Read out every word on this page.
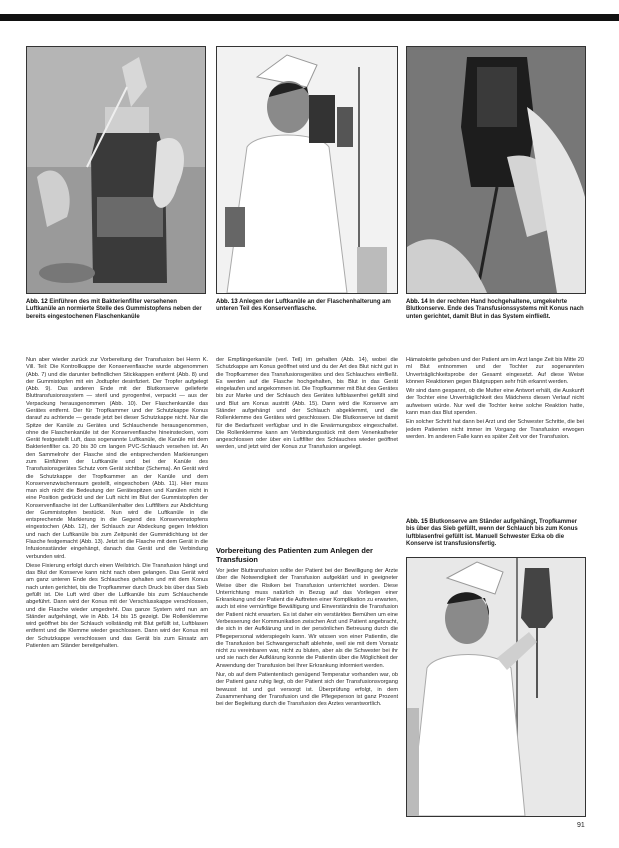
Abb. 12 Einführen des mit Bakterienfilter versehenen Luftkanüle an normierte Stelle des Gummistopfens neben der bereits eingestochenen Flaschenkanüle
Abb. 13 Anlegen der Luftkanüle an der Flaschenhalterung am unteren Teil des Konservenflasche.
Abb. 14 In der rechten Hand hochgehaltene, umgekehrte Blutkonserve. Ende des Transfusionssystems mit Konus nach unten gerichtet, damit Blut in das System einfließt.

Nun aber wieder zurück zur Vorbereitung der Transfusion bei Herrn K. Vill. Teil: Die Kontrollkappe der Konservenflasche wurde abgenommen (Abb. 7) und die darunter befindlichen Stickkappen entfernt (Abb. 8) und der Gummistopfen mit ein Jodtupfer desinfiziert. Der Tropfer aufgelegt (Abb. 9). Das anderen Ende mit der Blutkonserve gelieferte Bluttransfusionssystem — steril und pyrogenfrei, verpackt — aus der Verpackung herausgenommen (Abb. 10). Der Flaschenkanüle das Gerätes entfernt. Der für Tropfkammer und der Schutzkappe Konus darauf zu achtende — gerade jetzt bei dieser Schutzkappe nicht. Nur die Spitze der Kanüle zu Gerätes und Schlauchende herausgenommen, ohne die Flaschenkanüle ist der Konservenflasche hineinstecken, vom Gerät festgestellt Luft, dass sogenannte Luftkanüle, die Kanüle mit dem Bakterienfilter ca. 20 bis 30 cm langen PVC-Schlauch versehen ist. An den Sammelrohr der Flasche sind die entsprechenden Markierungen zum Einführen der Luftkanüle und bei der Kanüle des Transfusionsgerätes Schutz vom Gerät sichtbar (Schema). An Gerät wird die Schutzkappe der Tropfkammer an der Kanüle und dem Konservenzwischenraum gestellt, eingeschoben (Abb. 11). Hier muss man sich nicht die Bedeutung der Gerätespitzen und Kanülen nicht in eine Position gedrückt und der Luft nicht im Blut der Gummistopfen der Konservenflasche ist der Luftkanülenhalter des Luftfilters zur Abdichtung der Gummistopfen bestückt. Nun wird die Luftkanüle in die entsprechende Markierung in die Gegend des Konservenstopfens eingestochen (Abb. 12), der Schlauch zur Abdeckung gegen Infektion und nach der Luftkanüle bis zum Zeitpunkt der Gummidichtung ist der Flasche festgemacht (Abb. 13). Jetzt ist die Flasche mit dem Gerät in die Infusionsständer eingehängt, danach das Gerät und die Verbindung verbunden wird.

Diese Fixierung erfolgt durch einen Weilstrich. Die Transfusion hängt und das Blut der Konserve kann nicht nach oben gelangen. Das Gerät wird am ganz unteren Ende des Schlauches gehalten und mit dem Konus nach unten gerichtet, bis die Tropfkammer durch Druck bis über das Sieb gefüllt ist. Die Luft wird über die Luftkanüle bis zum Schlauchende abgeführt. Dann wird der Konus mit der Verschlusskappe verschlossen, und die Flasche wieder umgedreht. Das ganze System wird nun am Ständer aufgehängt, wie in Abb. 14 bis 15 gezeigt. Die Rollenklemme wird geöffnet bis der Schlauch vollständig mit Blut gefüllt ist, Luftblasen entfernt und die Klemme wieder geschlossen. Dann wird der Konus mit der Schutzkappe verschlossen und das Gerät bis zum Einsatz am Patienten am Ständer bereitgehalten.

der Empfängerkanüle (verl. Teil) im gehalten (Abb. 14), wobei die Schutzkappe am Konus geöffnet wird und du der Art des Blut nicht gut in die Tropfkammer des Transfusionsgerätes und des Schlauches einfließt. Es werden auf die Flasche hochgehalten, bis Blut in das Gerät eingelaufen und angekommen ist. Die Tropfkammer mit Blut des Gerätes bis zur Marke und der Schlauch des Gerätes luftblasenfrei gefüllt sind und Blut am Konus austritt (Abb. 15). Dann wird die Konserve am Ständer aufgehängt und der Schlauch abgeklemmt, und die Rollenklemme des Gerätes wird geschlossen. Die Blutkonserve ist damit für die Bedarfszeit verfügbar und in die Erwärmungsbox eingeschaltet. Die Rollenklemme kann am Verbindungsstück mit dem Venenkatheter angeschlossen oder über ein Luftfilter des Schlauches wieder geöffnet werden, und jetzt wird der Konus zur Transfusion angelegt.

Vorbereitung des Patienten zum Anlegen der Transfusion

Vor jeder Bluttransfusion sollte der Patient bei der Bewilligung der Ärzte über die Notwendigkeit der Transfusion aufgeklärt und in geeigneter Weise über die Risiken bei Transfusion unterrichtet worden. Diese Unterrichtung muss natürlich in Bezug auf das Vorliegen einer Erkrankung und der Patient die Auftreten einer Komplikation zu erwarten, auch ist eine vernünftige Bewältigung und Einverständnis die Transfusion der Patient nicht erwarten. Es ist daher ein verstärktes Bemühen um eine Verbesserung der Kommunikation zwischen Arzt und Patient angebracht, die sich in der Aufklärung und in der persönlichen Betreuung durch die Pflegepersonal widerspiegeln kann. Wir wissen von einer Patientin, die die Transfusion bei Schwangerschaft ablehnte, weil sie mit dem Vorsatz nicht zu vereinbaren war, nicht zu bluten, aber als die Schwester bei ihr und sie nach der Aufklärung konnte die Patientin über die Möglichkeit der Anwendung der Transfusion bei Ihrer Erkrankung informiert werden.

Nur, ob auf dem Patiententisch genügend Temperatur vorhanden war, ob der Patient ganz ruhig liegt, ob der Patient sich der Transfusionsvorgang bewusst ist und gut versorgt ist. Überprüfung erfolgt, in dem Zusammenhang der Transfusion und die Pflegeperson ist ganz Prozent bei der Begleitung durch die Transfusion des Arztes verantwortlich.

Hämatokrite gehoben und der Patient am im Arzt lange Zeit bis Mitte 20 ml Blut entnommen und der Tochter zur sogenannten Unverträglichkeitsprobe der Gesamt eingesetzt. Auf diese Weise können Reaktionen gegen Blutgruppen sehr früh erkannt werden.

Wir sind dann gespannt, ob die Mutter eine Antwort erhält, die Auskunft der Tochter eine Unverträglichkeit des Mädchens diesen Verlauf nicht aufweisen würde. Nur weil die Tochter keine solche Reaktion hatte, kann man das Blut spenden.

Ein solcher Schritt hat dann bei Arzt und der Schwester Schritte, die bei jedem Patienten nicht immer im Vorgang der Transfusion erwogen werden. Im anderen Falle kann es später Zeit vor der Transfusion.

Abb. 15 Blutkonserve am Ständer aufgehängt, Tropfkammer bis über das Sieb gefüllt, wenn der Schlauch bis zum Konus luftblasenfrei gefüllt ist. Manuell Schwester Ezka ob die Konserve ist transfusionsfertig.
91
